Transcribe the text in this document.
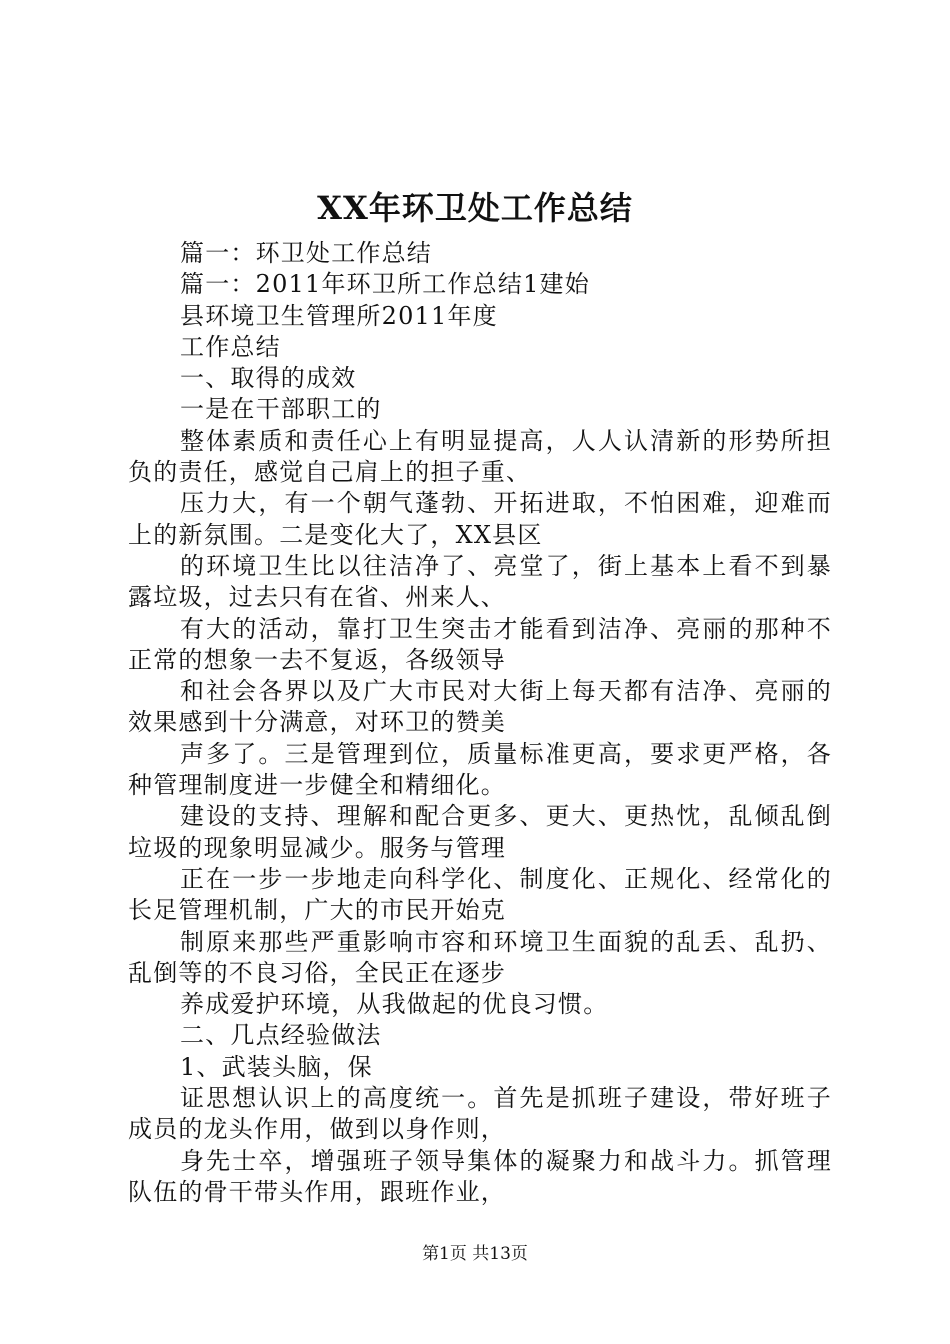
XX年环卫处工作总结

篇一：环卫处工作总结

篇一：2011年环卫所工作总结1建始

县环境卫生管理所2011年度

工作总结

一、取得的成效

一是在干部职工的

整体素质和责任心上有明显提高，人人认清新的形势所担负的责任，感觉自己肩上的担子重、

压力大，有一个朝气蓬勃、开拓进取，不怕困难，迎难而上的新氛围。二是变化大了，XX县区

的环境卫生比以往洁净了、亮堂了，街上基本上看不到暴露垃圾，过去只有在省、州来人、

有大的活动，靠打卫生突击才能看到洁净、亮丽的那种不正常的想象一去不复返，各级领导

和社会各界以及广大市民对大街上每天都有洁净、亮丽的效果感到十分满意，对环卫的赞美

声多了。三是管理到位，质量标准更高，要求更严格，各种管理制度进一步健全和精细化。

建设的支持、理解和配合更多、更大、更热忱，乱倾乱倒垃圾的现象明显减少。服务与管理

正在一步一步地走向科学化、制度化、正规化、经常化的长足管理机制，广大的市民开始克

制原来那些严重影响市容和环境卫生面貌的乱丢、乱扔、乱倒等的不良习俗，全民正在逐步

养成爱护环境，从我做起的优良习惯。

二、几点经验做法

1、武装头脑，保

证思想认识上的高度统一。首先是抓班子建设，带好班子成员的龙头作用，做到以身作则，

身先士卒，增强班子领导集体的凝聚力和战斗力。抓管理队伍的骨干带头作用，跟班作业，

第1页 共13页
